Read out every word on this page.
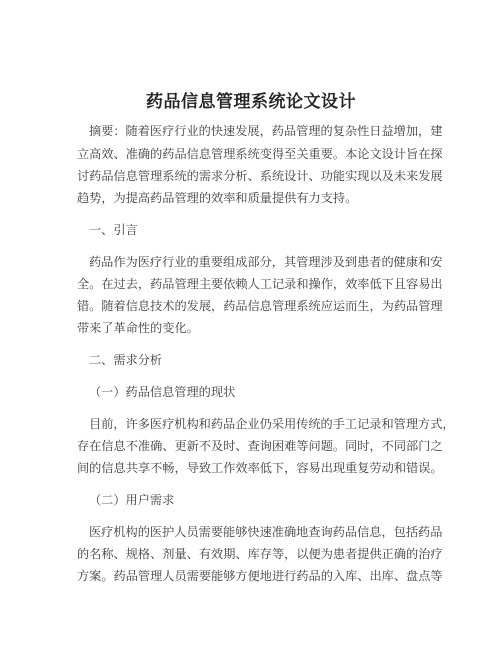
药品信息管理系统论文设计
摘要：随着医疗行业的快速发展，药品管理的复杂性日益增加，建
立高效、准确的药品信息管理系统变得至关重要。本论文设计旨在探
讨药品信息管理系统的需求分析、系统设计、功能实现以及未来发展
趋势，为提高药品管理的效率和质量提供有力支持。
一、引言
药品作为医疗行业的重要组成部分，其管理涉及到患者的健康和安
全。在过去，药品管理主要依赖人工记录和操作，效率低下且容易出
错。随着信息技术的发展，药品信息管理系统应运而生，为药品管理
带来了革命性的变化。
二、需求分析
（一）药品信息管理的现状
目前，许多医疗机构和药品企业仍采用传统的手工记录和管理方式，
存在信息不准确、更新不及时、查询困难等问题。同时，不同部门之
间的信息共享不畅，导致工作效率低下，容易出现重复劳动和错误。
（二）用户需求
医疗机构的医护人员需要能够快速准确地查询药品信息，包括药品
的名称、规格、剂量、有效期、库存等，以便为患者提供正确的治疗
方案。药品管理人员需要能够方便地进行药品的入库、出库、盘点等
